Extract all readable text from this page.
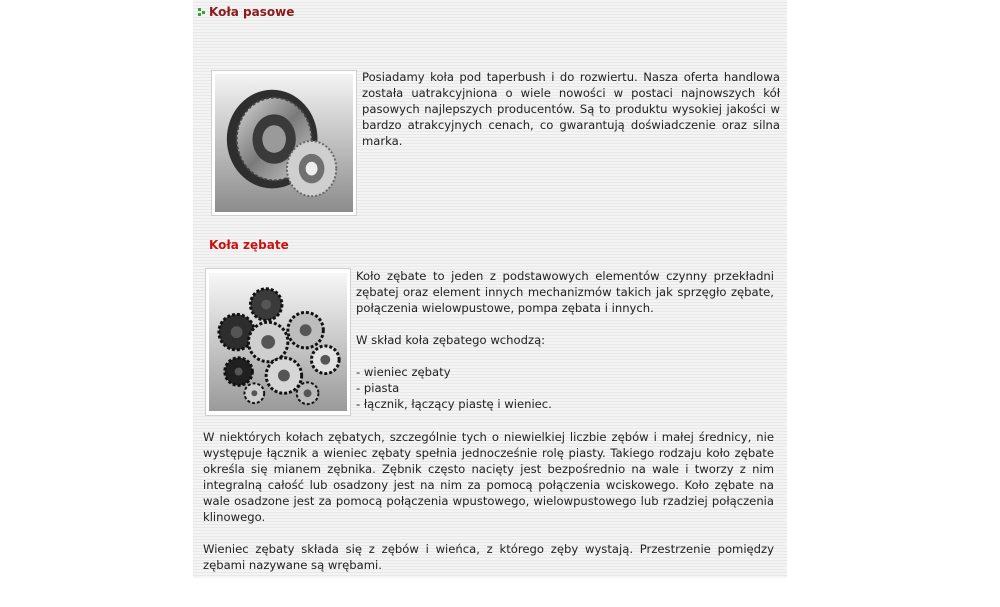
Koła pasowe

Posiadamy koła pod taperbush i do rozwiertu. Nasza oferta handlowa została uatrakcyjniona o wiele nowości w postaci najnowszych kół pasowych najlepszych producentów. Są to produktu wysokiej jakości w bardzo atrakcyjnych cenach, co gwarantują doświadczenie oraz silna marka.

Koła zębate

Koło zębate to jeden z podstawowych elementów czynny przekładni zębatej oraz element innych mechanizmów takich jak sprzęgło zębate, połączenia wielowpustowe, pompa zębata i innych.

W skład koła zębatego wchodzą:

- wieniec zębaty
- piasta
- łącznik, łączący piastę i wieniec.

W niektórych kołach zębatych, szczególnie tych o niewielkiej liczbie zębów i małej średnicy, nie występuje łącznik a wieniec zębaty spełnia jednocześnie rolę piasty. Takiego rodzaju koło zębate określa się mianem zębnika. Zębnik często nacięty jest bezpośrednio na wale i tworzy z nim integralną całość lub osadzony jest na nim za pomocą połączenia wciskowego. Koło zębate na wale osadzone jest za pomocą połączenia wpustowego, wielowpustowego lub rzadziej połączenia klinowego.

Wieniec zębaty składa się z zębów i wieńca, z którego zęby wystają. Przestrzenie pomiędzy zębami nazywane są wrębami.
